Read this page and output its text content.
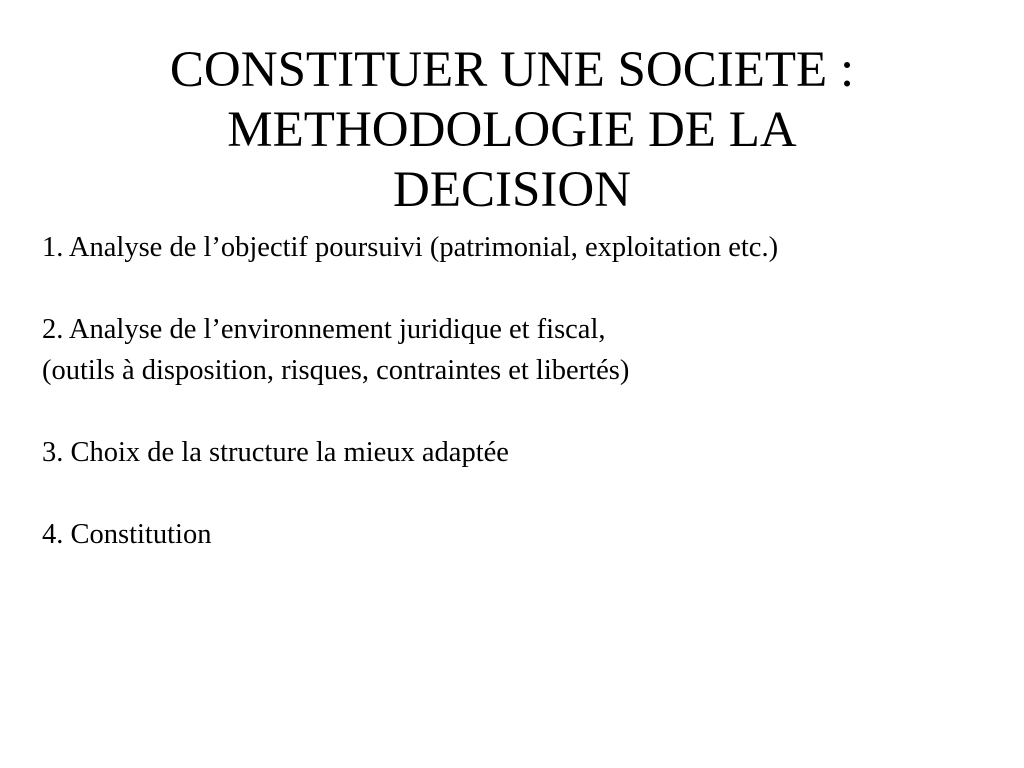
CONSTITUER UNE SOCIETE :
METHODOLOGIE DE LA
DECISION

1. Analyse de l’objectif poursuivi (patrimonial, exploitation etc.)

2. Analyse de l’environnement juridique et fiscal,

(outils à disposition, risques, contraintes et libertés)

3. Choix de la structure la mieux adaptée

4. Constitution
